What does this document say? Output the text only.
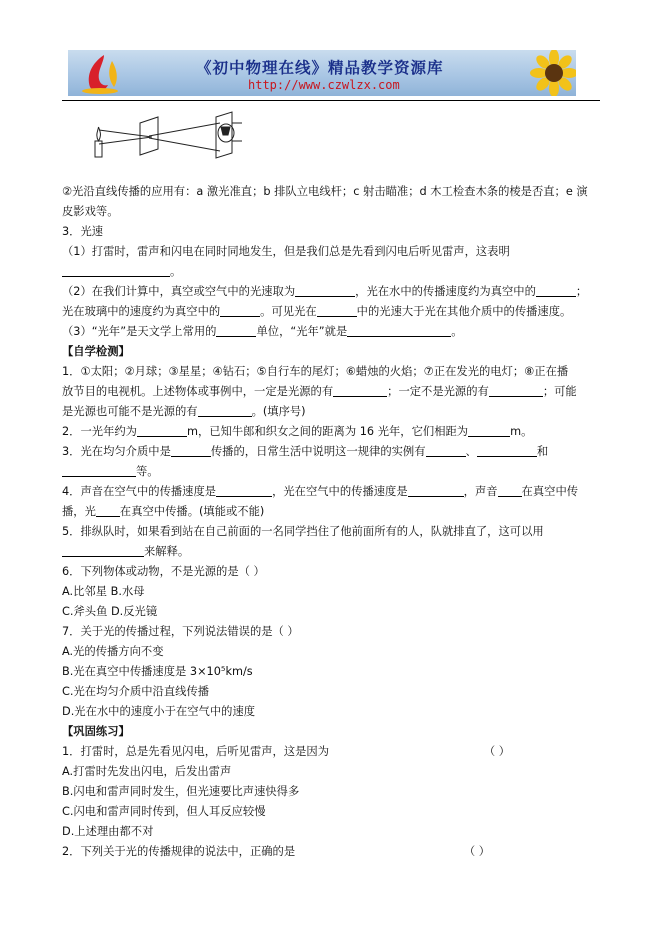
《初中物理在线》精品教学资源库
http://www.czwlzx.com
②光沿直线传播的应用有：a 激光准直；b 排队立电线杆；c 射击瞄准；d 木工检查木条的棱是否直；e 演
皮影戏等。
3．光速
（1）打雷时，雷声和闪电在同时同地发生，但是我们总是先看到闪电后听见雷声，这表明
。
（2）在我们计算中，真空或空气中的光速取为	，光在水中的传播速度约为真空中的	；
光在玻璃中的速度约为真空中的	。可见光在	中的光速大于光在其他介质中的传播速度。
（3）“光年”是天文学上常用的	单位，“光年”就是	。
【自学检测】
1．①太阳；②月球；③星星；④钻石；⑤自行车的尾灯；⑥蜡烛的火焰；⑦正在发光的电灯；⑧正在播
放节目的电视机。上述物体或事例中，一定是光源的有	；一定不是光源的有	；可能
是光源也可能不是光源的有	。(填序号)
2．一光年约为	m，已知牛郎和织女之间的距离为 16 光年，它们相距为	m。
3．光在均匀介质中是	传播的，日常生活中说明这一规律的实例有	、	和
等。
4．声音在空气中的传播速度是	，光在空气中的传播速度是	，声音 在真空中传
播，光 在真空中传播。(填能或不能)
5．排纵队时，如果看到站在自己前面的一名同学挡住了他前面所有的人，队就排直了，这可以用
来解释。
6．下列物体或动物，不是光源的是（ ）
A.比邻星 B.水母
C.斧头鱼 D.反光镜
7．关于光的传播过程，下列说法错误的是（ ）
A.光的传播方向不变
B.光在真空中传播速度是 3×10⁵km/s
C.光在均匀介质中沿直线传播
D.光在水中的速度小于在空气中的速度
【巩固练习】
1．打雷时，总是先看见闪电，后听见雷声，这是因为	（ ）
A.打雷时先发出闪电，后发出雷声
B.闪电和雷声同时发生，但光速要比声速快得多
C.闪电和雷声同时传到，但人耳反应较慢
D.上述理由都不对
2．下列关于光的传播规律的说法中，正确的是	（ ）
